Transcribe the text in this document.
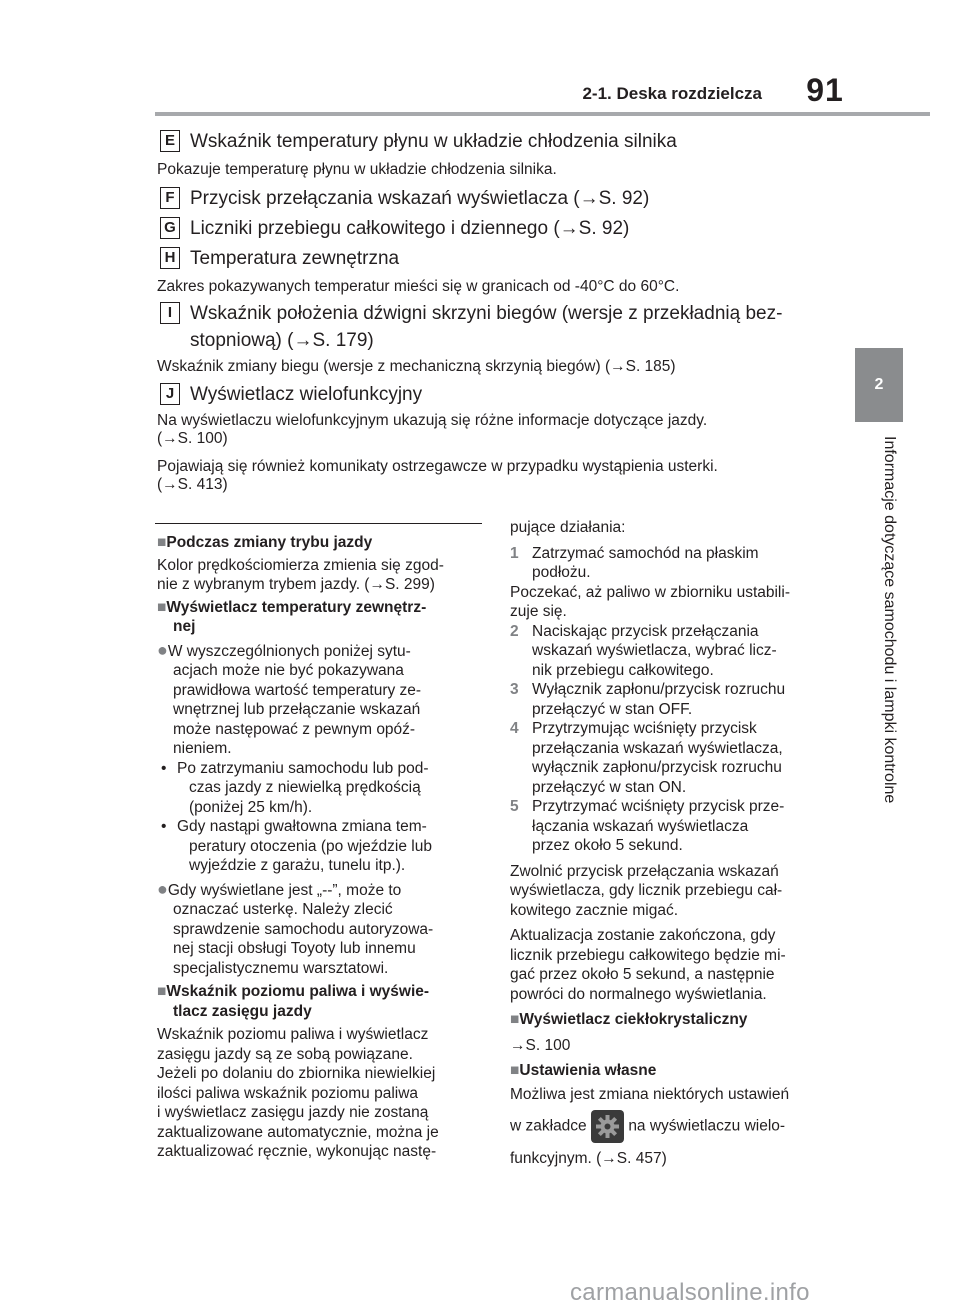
2-1. Deska rozdzielcza	91
2
Informacje dotyczące samochodu i lampki kontrolne
E Wskaźnik temperatury płynu w układzie chłodzenia silnika
Pokazuje temperaturę płynu w układzie chłodzenia silnika.
F Przycisk przełączania wskazań wyświetlacza (→S. 92)
G Liczniki przebiegu całkowitego i dziennego (→S. 92)
H Temperatura zewnętrzna
Zakres pokazywanych temperatur mieści się w granicach od -40°C do 60°C.
I Wskaźnik położenia dźwigni skrzyni biegów (wersje z przekładnią bez-
stopniową) (→S. 179)
Wskaźnik zmiany biegu (wersje z mechaniczną skrzynią biegów) (→S. 185)
J Wyświetlacz wielofunkcyjny
Na wyświetlaczu wielofunkcyjnym ukazują się różne informacje dotyczące jazdy.
(→S. 100)
Pojawiają się również komunikaty ostrzegawcze w przypadku wystąpienia usterki.
(→S. 413)
■Podczas zmiany trybu jazdy
Kolor prędkościomierza zmienia się zgod-
nie z wybranym trybem jazdy. (→S. 299)
■Wyświetlacz temperatury zewnętrz-
nej
●W wyszczególnionych poniżej sytu-
acjach może nie być pokazywana
prawidłowa wartość temperatury ze-
wnętrznej lub przełączanie wskazań
może następować z pewnym opóź-
nieniem.
• Po zatrzymaniu samochodu lub pod-
czas jazdy z niewielką prędkością
(poniżej 25 km/h).
• Gdy nastąpi gwałtowna zmiana tem-
peratury otoczenia (po wjeździe lub
wyjeździe z garażu, tunelu itp.).
●Gdy wyświetlane jest „--”, może to
oznaczać usterkę. Należy zlecić
sprawdzenie samochodu autoryzowa-
nej stacji obsługi Toyoty lub innemu
specjalistycznemu warsztatowi.
■Wskaźnik poziomu paliwa i wyświe-
tlacz zasięgu jazdy
Wskaźnik poziomu paliwa i wyświetlacz
zasięgu jazdy są ze sobą powiązane.
Jeżeli po dolaniu do zbiornika niewielkiej
ilości paliwa wskaźnik poziomu paliwa
i wyświetlacz zasięgu jazdy nie zostaną
zaktualizowane automatycznie, można je
zaktualizować ręcznie, wykonując nastę-
pujące działania:
1 Zatrzymać samochód na płaskim
podłożu.
Poczekać, aż paliwo w zbiorniku ustabili-
zuje się.
2 Naciskając przycisk przełączania
wskazań wyświetlacza, wybrać licz-
nik przebiegu całkowitego.
3 Wyłącznik zapłonu/przycisk rozruchu
przełączyć w stan OFF.
4 Przytrzymując wciśnięty przycisk
przełączania wskazań wyświetlacza,
wyłącznik zapłonu/przycisk rozruchu
przełączyć w stan ON.
5 Przytrzymać wciśnięty przycisk prze-
łączania wskazań wyświetlacza
przez około 5 sekund.
Zwolnić przycisk przełączania wskazań
wyświetlacza, gdy licznik przebiegu cał-
kowitego zacznie migać.
Aktualizacja zostanie zakończona, gdy
licznik przebiegu całkowitego będzie mi-
gać przez około 5 sekund, a następnie
powróci do normalnego wyświetlania.
■Wyświetlacz ciekłokrystaliczny
→S. 100
■Ustawienia własne
Możliwa jest zmiana niektórych ustawień
w zakładce	na wyświetlaczu wielo-
funkcyjnym. (→S. 457)
carmanualsonline.info
